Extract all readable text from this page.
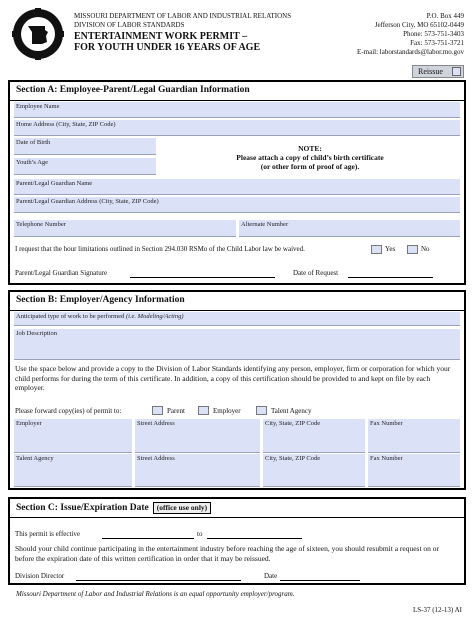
MISSOURI DEPARTMENT OF LABOR AND INDUSTRIAL RELATIONS
DIVISION OF LABOR STANDARDS
ENTERTAINMENT WORK PERMIT –
FOR YOUTH UNDER 16 YEARS OF AGE
P.O. Box 449
Jefferson City, MO 65102-0449
Phone: 573-751-3403
Fax: 573-751-3721
E-mail: laborstandards@labor.mo.gov
Reissue
Section A: Employee-Parent/Legal Guardian Information
Employee Name
Home Address (City, State, ZIP Code)
Date of Birth
Youth’s Age
NOTE:
Please attach a copy of child’s birth certificate
(or other form of proof of age).
Parent/Legal Guardian Name
Parent/Legal Guardian Address (City, State, ZIP Code)
Telephone Number	Alternate Number
I request that the hour limitations outlined in Section 294.030 RSMo of the Child Labor law be waived.	Yes	No
Parent/Legal Guardian Signature	Date of Request
Section B: Employer/Agency Information
Anticipated type of work to be performed (i.e. Modeling/Acting)
Job Description
Use the space below and provide a copy to the Division of Labor Standards identifying any person, employer, firm or corporation for which your child performs for during the term of this certificate. In addition, a copy of this certification should be provided to and kept on file by each employer.
Please forward copy(ies) of permit to:	Parent	Employer	Talent Agency
Employer	Street Address	City, State, ZIP Code	Fax Number
Talent Agency	Street Address	City, State, ZIP Code	Fax Number
Section C: Issue/Expiration Date (office use only)
This permit is effective	to
Should your child continue participating in the entertainment industry before reaching the age of sixteen, you should resubmit a request on or before the expiration date of this written certification in order that it may be reissued.
Division Director	Date
Missouri Department of Labor and Industrial Relations is an equal opportunity employer/program.
LS-37 (12-13) AI
